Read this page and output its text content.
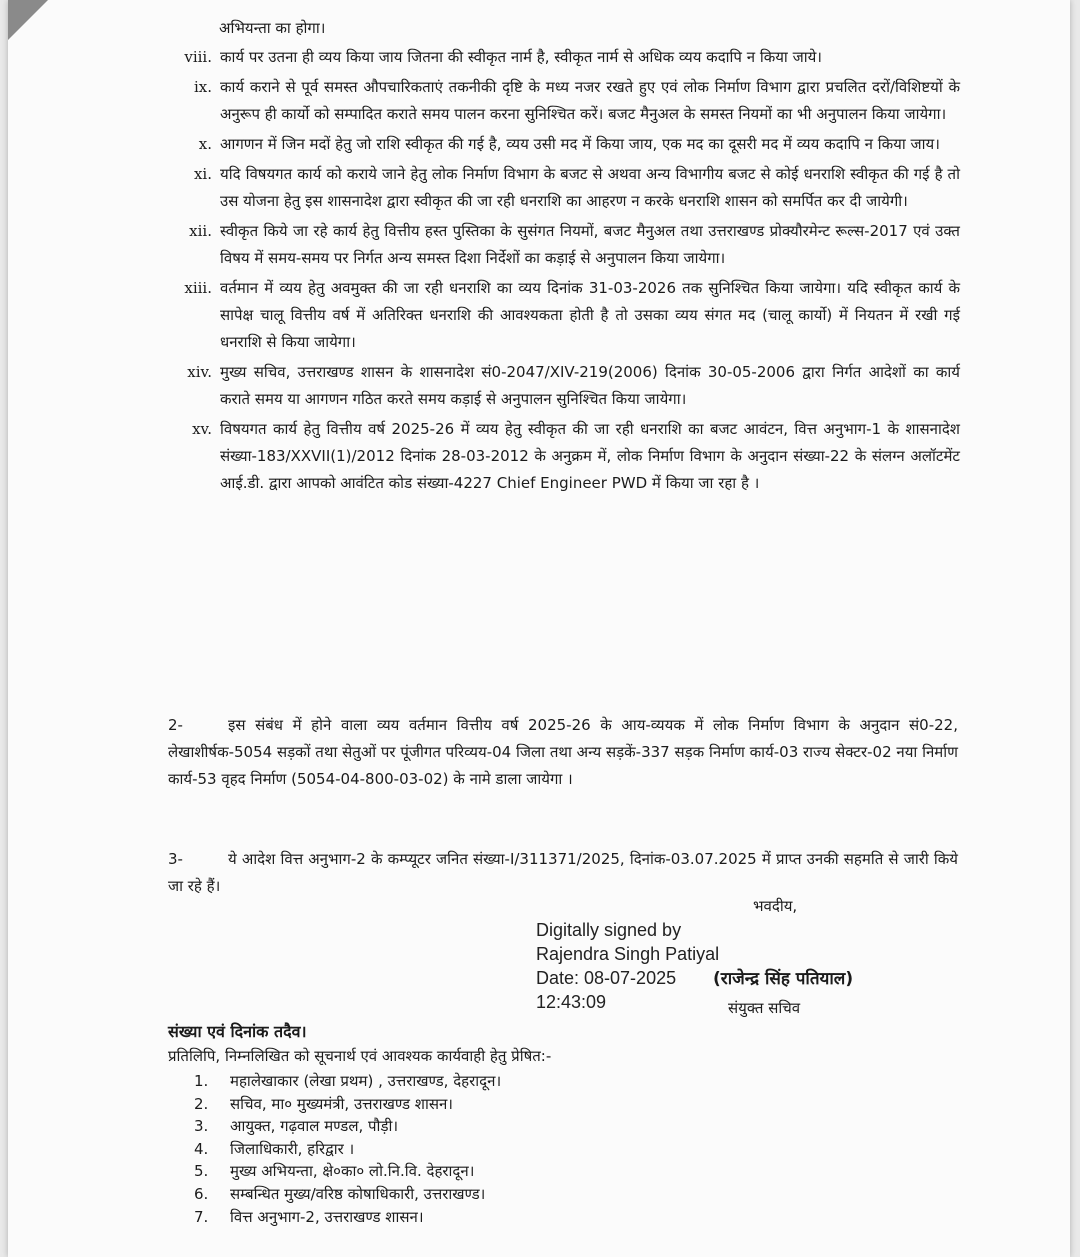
अभियन्ता का होगा।
viii. कार्य पर उतना ही व्यय किया जाय जितना की स्वीकृत नार्म है, स्वीकृत नार्म से अधिक व्यय कदापि न किया जाये।
ix. कार्य कराने से पूर्व समस्त औपचारिकताएं तकनीकी दृष्टि के मध्य नजर रखते हुए एवं लोक निर्माण विभाग द्वारा प्रचलित दरों/विशिष्टयों के अनुरूप ही कार्यो को सम्पादित कराते समय पालन करना सुनिश्चित करें। बजट मैनुअल के समस्त नियमों का भी अनुपालन किया जायेगा।
x. आगणन में जिन मदों हेतु जो राशि स्वीकृत की गई है, व्यय उसी मद में किया जाय, एक मद का दूसरी मद में व्यय कदापि न किया जाय।
xi. यदि विषयगत कार्य को कराये जाने हेतु लोक निर्माण विभाग के बजट से अथवा अन्य विभागीय बजट से कोई धनराशि स्वीकृत की गई है तो उस योजना हेतु इस शासनादेश द्वारा स्वीकृत की जा रही धनराशि का आहरण न करके धनराशि शासन को समर्पित कर दी जायेगी।
xii. स्वीकृत किये जा रहे कार्य हेतु वित्तीय हस्त पुस्तिका के सुसंगत नियमों, बजट मैनुअल तथा उत्तराखण्ड प्रोक्यौरमेन्ट रूल्स-2017 एवं उक्त विषय में समय-समय पर निर्गत अन्य समस्त दिशा निर्देशों का कड़ाई से अनुपालन किया जायेगा।
xiii. वर्तमान में व्यय हेतु अवमुक्त की जा रही धनराशि का व्यय दिनांक 31-03-2026 तक सुनिश्चित किया जायेगा। यदि स्वीकृत कार्य के सापेक्ष चालू वित्तीय वर्ष में अतिरिक्त धनराशि की आवश्यकता होती है तो उसका व्यय संगत मद (चालू कार्यो) में नियतन में रखी गई धनराशि से किया जायेगा।
xiv. मुख्य सचिव, उत्तराखण्ड शासन के शासनादेश सं0-2047/XIV-219(2006) दिनांक 30-05-2006 द्वारा निर्गत आदेशों का कार्य कराते समय या आगणन गठित करते समय कड़ाई से अनुपालन सुनिश्चित किया जायेगा।
xv. विषयगत कार्य हेतु वित्तीय वर्ष 2025-26 में व्यय हेतु स्वीकृत की जा रही धनराशि का बजट आवंटन, वित्त अनुभाग-1 के शासनादेश संख्या-183/XXVII(1)/2012 दिनांक 28-03-2012 के अनुक्रम में, लोक निर्माण विभाग के अनुदान संख्या-22 के संलग्न अलॉटमेंट आई.डी. द्वारा आपको आवंटित कोड संख्या-4227 Chief Engineer PWD में किया जा रहा है ।
2-	इस संबंध में होने वाला व्यय वर्तमान वित्तीय वर्ष 2025-26 के आय-व्ययक में लोक निर्माण विभाग के अनुदान सं0-22, लेखाशीर्षक-5054 सड़कों तथा सेतुओं पर पूंजीगत परिव्यय-04 जिला तथा अन्य सड़कें-337 सड़क निर्माण कार्य-03 राज्य सेक्टर-02 नया निर्माण कार्य-53 वृहद निर्माण (5054-04-800-03-02) के नामे डाला जायेगा ।
3-	ये आदेश वित्त अनुभाग-2 के कम्प्यूटर जनित संख्या-I/311371/2025, दिनांक-03.07.2025 में प्राप्त उनकी सहमति से जारी किये जा रहे हैं।
भवदीय,
Digitally signed by
Rajendra Singh Patiyal
Date: 08-07-2025
12:43:09
(राजेन्द्र सिंह पतियाल)
संयुक्त सचिव
संख्या एवं दिनांक तदैव।
प्रतिलिपि, निम्नलिखित को सूचनार्थ एवं आवश्यक कार्यवाही हेतु प्रेषित:-
1.	महालेखाकार (लेखा प्रथम) , उत्तराखण्ड, देहरादून।
2.	सचिव, मा० मुख्यमंत्री, उत्तराखण्ड शासन।
3.	आयुक्त, गढ़वाल मण्डल, पौड़ी।
4.	जिलाधिकारी, हरिद्वार ।
5.	मुख्य अभियन्ता, क्षे०का० लो.नि.वि. देहरादून।
6.	सम्बन्धित मुख्य/वरिष्ठ कोषाधिकारी, उत्तराखण्ड।
7.	वित्त अनुभाग-2, उत्तराखण्ड शासन।
